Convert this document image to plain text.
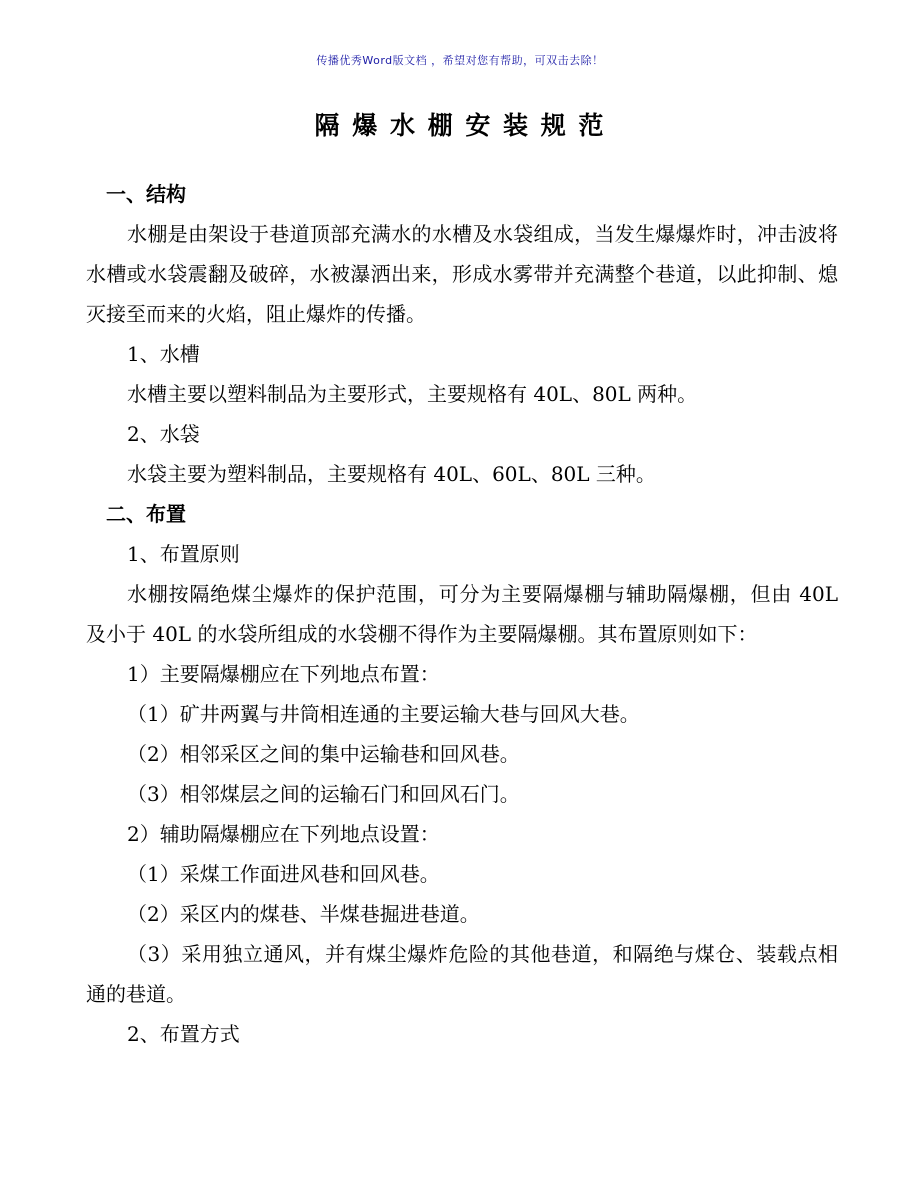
传播优秀Word版文档 ，希望对您有帮助，可双击去除！
隔 爆 水 棚 安 装 规 范

一、结构

水棚是由架设于巷道顶部充满水的水槽及水袋组成，当发生爆爆炸时，冲击波将水槽或水袋震翻及破碎，水被瀑洒出来，形成水雾带并充满整个巷道，以此抑制、熄灭接至而来的火焰，阻止爆炸的传播。

1、水槽

水槽主要以塑料制品为主要形式，主要规格有 40L、80L 两种。

2、水袋

水袋主要为塑料制品，主要规格有 40L、60L、80L 三种。

二、布置

1、布置原则

水棚按隔绝煤尘爆炸的保护范围，可分为主要隔爆棚与辅助隔爆棚，但由 40L 及小于 40L 的水袋所组成的水袋棚不得作为主要隔爆棚。其布置原则如下：

1）主要隔爆棚应在下列地点布置：

（1）矿井两翼与井筒相连通的主要运输大巷与回风大巷。

（2）相邻采区之间的集中运输巷和回风巷。

（3）相邻煤层之间的运输石门和回风石门。

2）辅助隔爆棚应在下列地点设置：

（1）采煤工作面进风巷和回风巷。

（2）采区内的煤巷、半煤巷掘进巷道。

（3）采用独立通风，并有煤尘爆炸危险的其他巷道，和隔绝与煤仓、装载点相通的巷道。

2、布置方式
